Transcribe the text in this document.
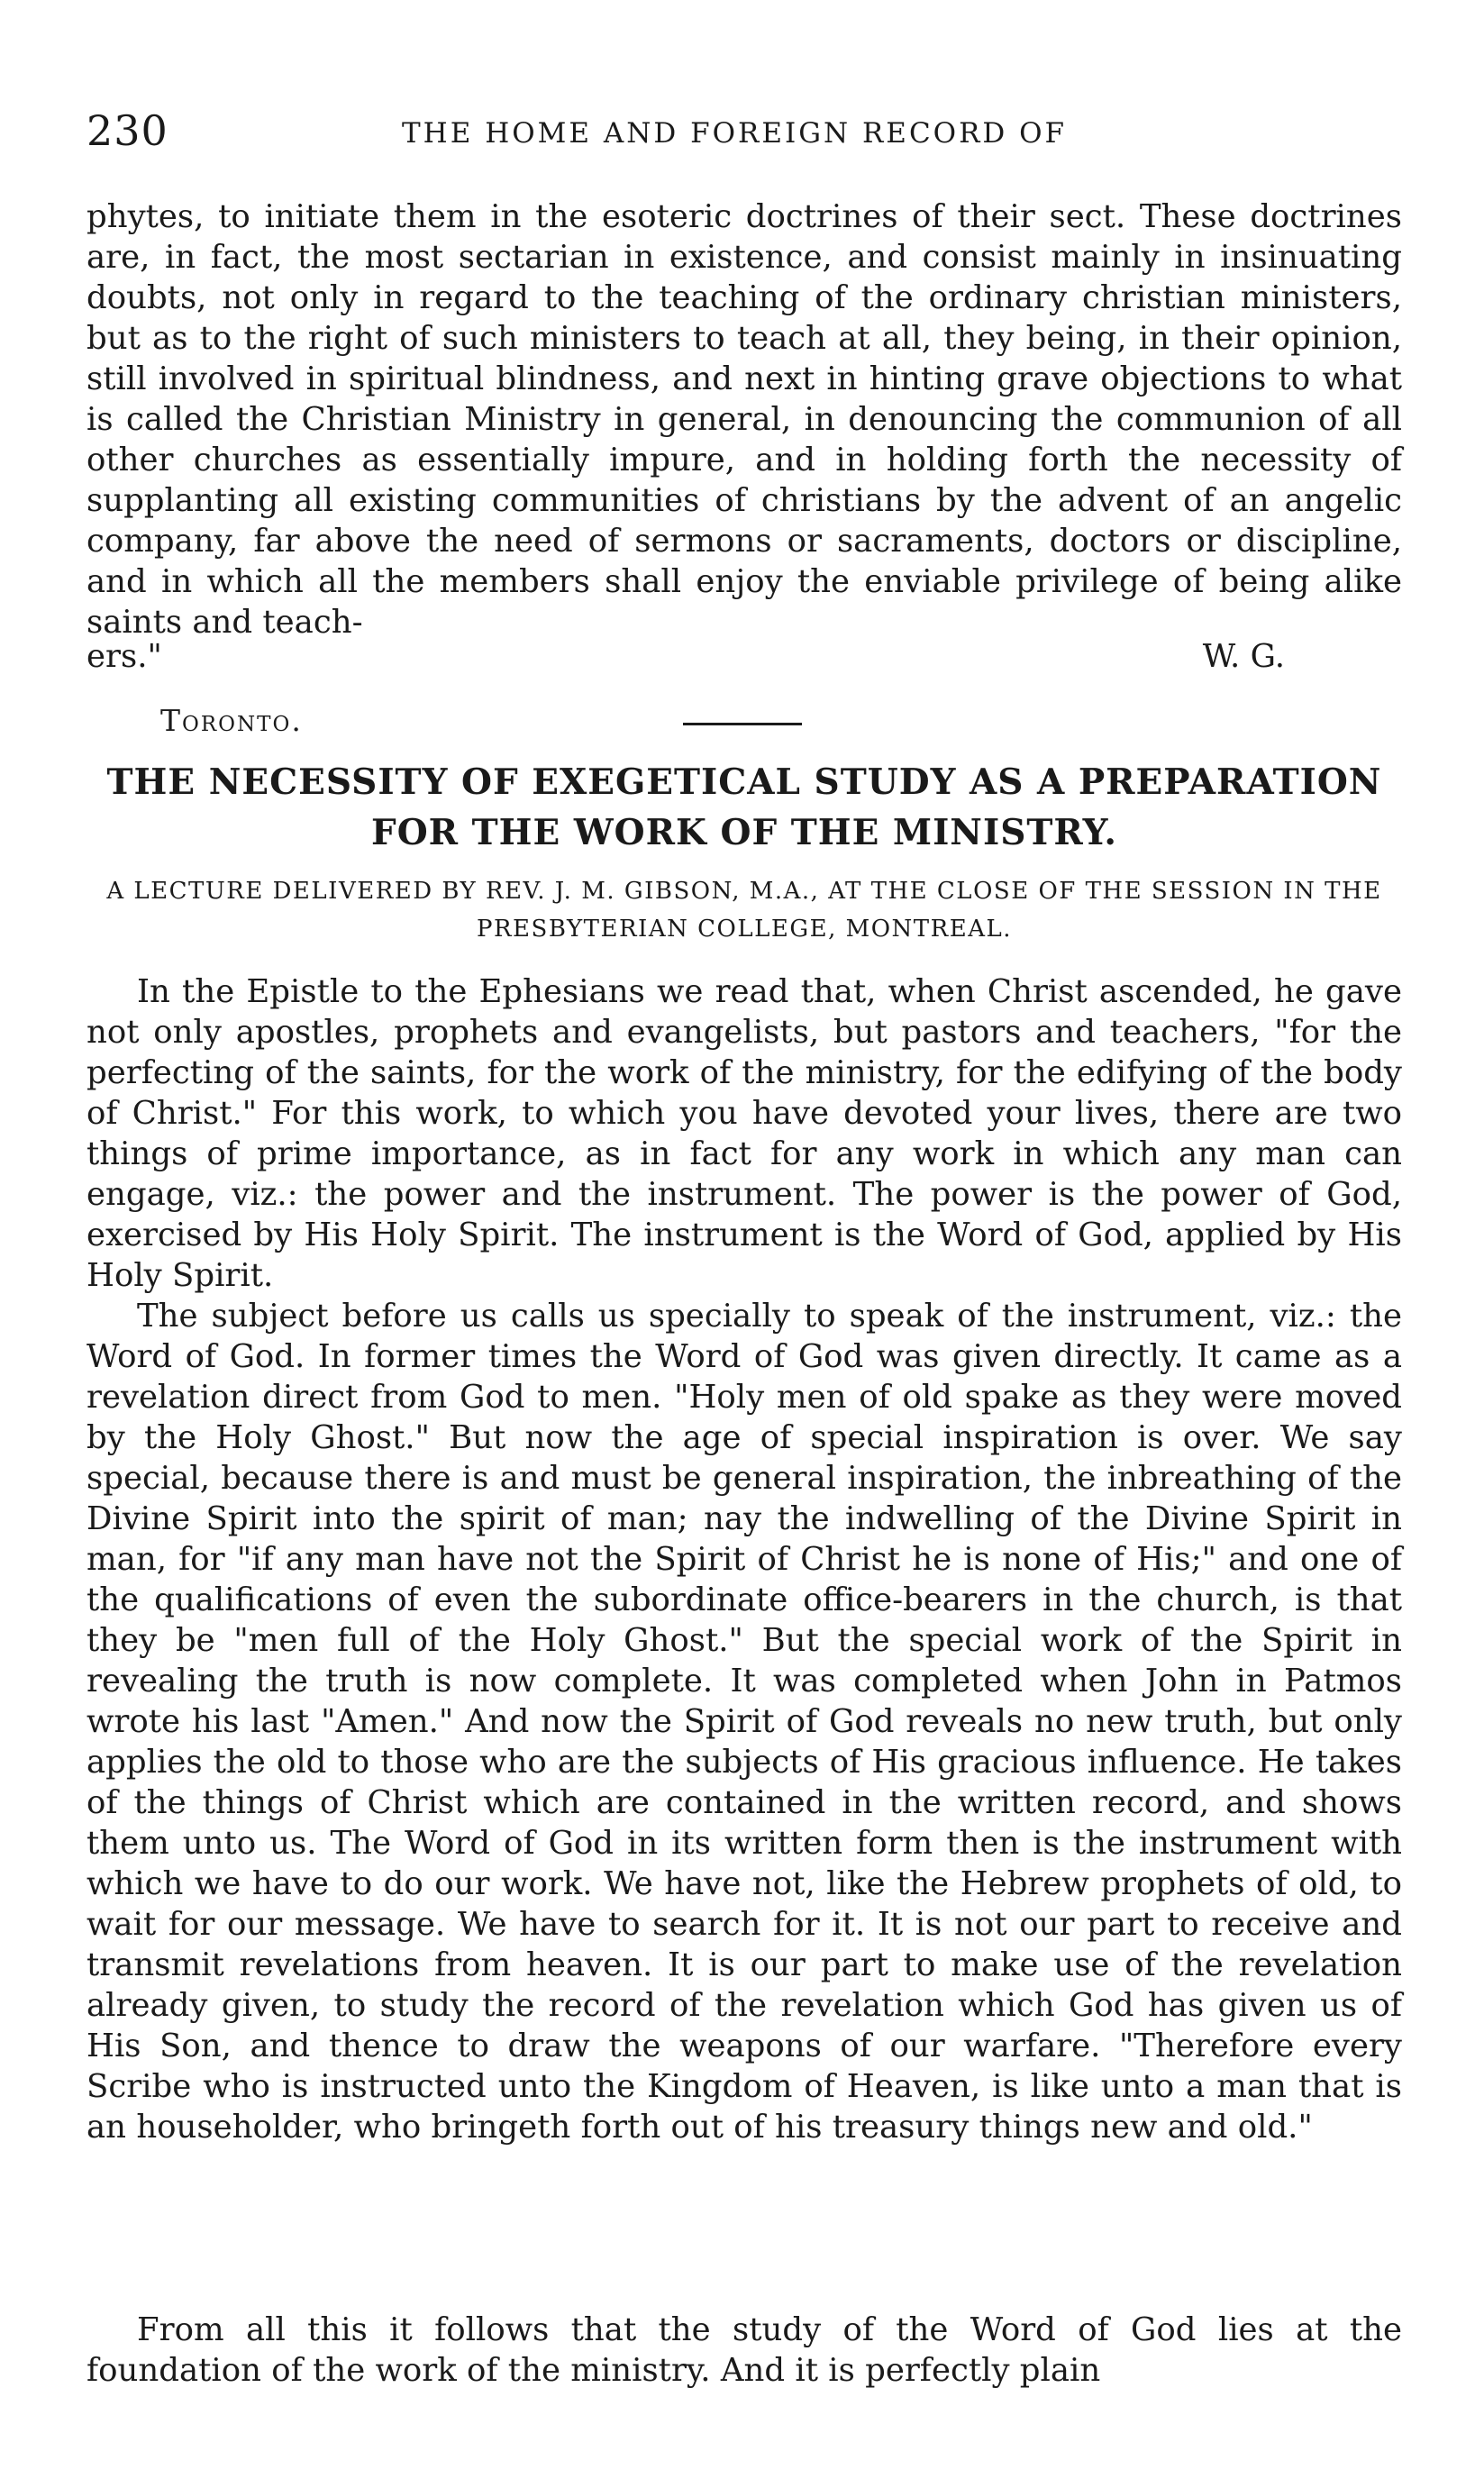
230	THE HOME AND FOREIGN RECORD OF
phytes, to initiate them in the esoteric doctrines of their sect. These doctrines are, in fact, the most sectarian in existence, and consist mainly in insinuating doubts, not only in regard to the teaching of the ordinary christian ministers, but as to the right of such ministers to teach at all, they being, in their opinion, still involved in spiritual blindness, and next in hinting grave objections to what is called the Christian Ministry in general, in denouncing the communion of all other churches as essentially impure, and in holding forth the necessity of supplanting all existing communities of christians by the advent of an angelic company, far above the need of sermons or sacraments, doctors or discipline, and in which all the members shall enjoy the enviable privilege of being alike saints and teach-
ers."	W. G.
Toronto.
THE NECESSITY OF EXEGETICAL STUDY AS A PREPARATION FOR THE WORK OF THE MINISTRY.
A LECTURE DELIVERED BY REV. J. M. GIBSON, M.A., AT THE CLOSE OF THE SESSION IN THE PRESBYTERIAN COLLEGE, MONTREAL.
In the Epistle to the Ephesians we read that, when Christ ascended, he gave not only apostles, prophets and evangelists, but pastors and teachers, "for the perfecting of the saints, for the work of the ministry, for the edifying of the body of Christ." For this work, to which you have devoted your lives, there are two things of prime importance, as in fact for any work in which any man can engage, viz.: the power and the instrument. The power is the power of God, exercised by His Holy Spirit. The instrument is the Word of God, applied by His Holy Spirit.
The subject before us calls us specially to speak of the instrument, viz.: the Word of God. In former times the Word of God was given directly. It came as a revelation direct from God to men. "Holy men of old spake as they were moved by the Holy Ghost." But now the age of special inspiration is over. We say special, because there is and must be general inspiration, the inbreathing of the Divine Spirit into the spirit of man; nay the indwelling of the Divine Spirit in man, for "if any man have not the Spirit of Christ he is none of His;" and one of the qualifications of even the subordinate office-bearers in the church, is that they be "men full of the Holy Ghost." But the special work of the Spirit in revealing the truth is now complete. It was completed when John in Patmos wrote his last "Amen." And now the Spirit of God reveals no new truth, but only applies the old to those who are the subjects of His gracious influence. He takes of the things of Christ which are contained in the written record, and shows them unto us. The Word of God in its written form then is the instrument with which we have to do our work. We have not, like the Hebrew prophets of old, to wait for our message. We have to search for it. It is not our part to receive and transmit revelations from heaven. It is our part to make use of the revelation already given, to study the record of the revelation which God has given us of His Son, and thence to draw the weapons of our warfare. "Therefore every Scribe who is instructed unto the Kingdom of Heaven, is like unto a man that is an householder, who bringeth forth out of his treasury things new and old."
From all this it follows that the study of the Word of God lies at the foundation of the work of the ministry. And it is perfectly plain
